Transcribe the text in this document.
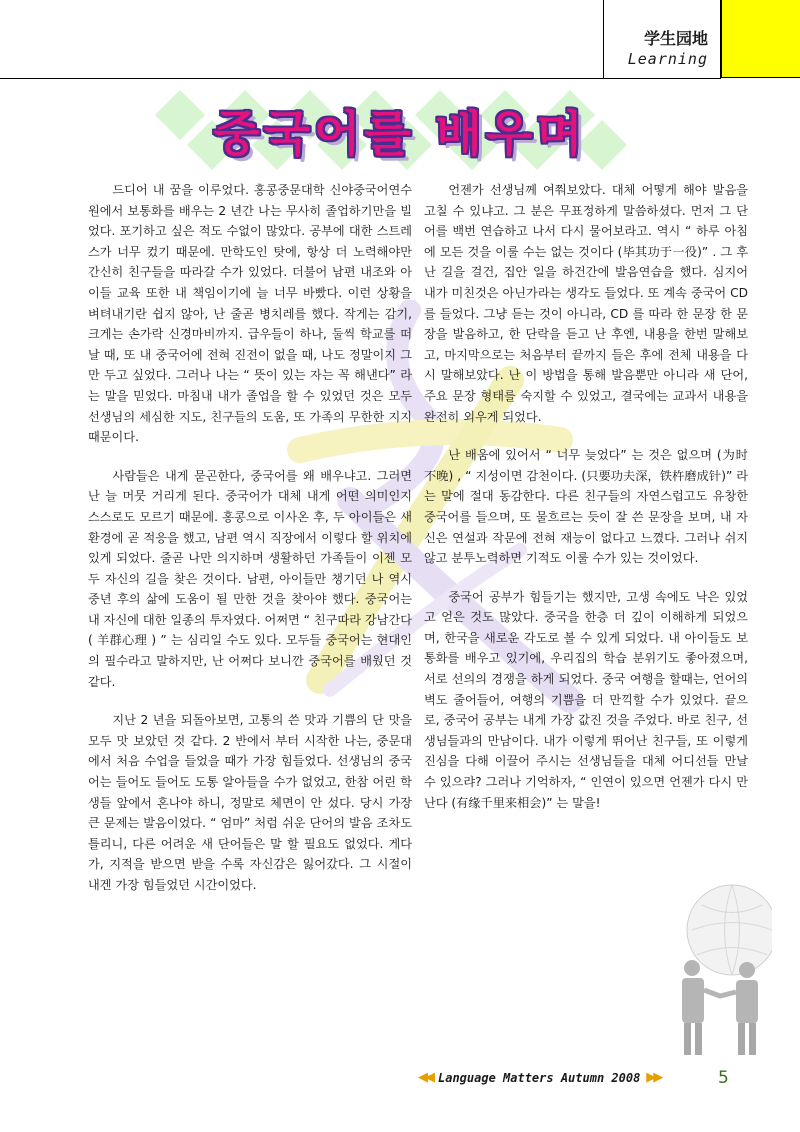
学生园地
Learning
중국어를 배우며

드디어 내 꿈을 이루었다. 홍콩중문대학 신야중국어연수원에서 보통화를 배우는 2 년간 나는 무사히 졸업하기만을 빌었다. 포기하고 싶은 적도 수없이 많았다. 공부에 대한 스트레스가 너무 컸기 때문에. 만학도인 탓에, 항상 더 노력해야만 간신히 친구들을 따라갈 수가 있었다. 더불어 남편 내조와 아이들 교육 또한 내 책임이기에 늘 너무 바빴다. 이런 상황을 벼텨내기란 쉽지 않아, 난 줄곧 병치레를 했다. 작게는 감기, 크게는 손가락 신경마비까지. 급우들이 하나, 둘씩 학교를 떠날 때, 또 내 중국어에 전혀 진전이 없을 때, 나도 정말이지 그만 두고 싶었다. 그러나 나는 “ 뜻이 있는 자는 꼭 해낸다” 라는 말을 믿었다. 마침내 내가 졸업을 할 수 있었던 것은 모두 선생님의 세심한 지도, 친구들의 도움, 또 가족의 무한한 지지때문이다.

사람들은 내게 묻곤한다, 중국어를 왜 배우냐고. 그러면 난 늘 머뭇 거리게 된다. 중국어가 대체 내게 어떤 의미인지 스스로도 모르기 때문에. 홍콩으로 이사온 후, 두 아이들은 새 환경에 곧 적응을 했고, 남편 역시 직장에서 이렇다 할 위치에 있게 되었다. 줄곧 나만 의지하며 생활하던 가족들이 이젠 모두 자신의 길을 찾은 것이다. 남편, 아이들만 챙기던 나 역시 중년 후의 삶에 도움이 될 만한 것을 찾아야 했다. 중국어는 내 자신에 대한 일종의 투자였다. 어쩌면 “ 친구따라 강남간다 ( 羊群心理 ) ” 는 심리일 수도 있다. 모두들 중국어는 현대인의 필수라고 말하지만, 난 어쩌다 보니깐 중국어를 배웠던 것 같다.

지난 2 년을 되돌아보면, 고통의 쓴 맛과 기쁨의 단 맛을 모두 맛 보았던 것 같다. 2 반에서 부터 시작한 나는, 중문대에서 처음 수업을 들었을 때가 가장 힘들었다. 선생님의 중국어는 들어도 들어도 도통 알아들을 수가 없었고, 한참 어린 학생들 앞에서 혼나야 하니, 정말로 체면이 안 섰다. 당시 가장 큰 문제는 발음이었다. “ 엄마” 처럼 쉬운 단어의 발음 조차도 틀리니, 다른 어려운 새 단어들은 말 할 필요도 없었다. 게다가, 지적을 받으면 받을 수록 자신감은 잃어갔다. 그 시절이 내겐 가장 힘들었던 시간이었다.

언젠가 선생님께 여쭤보았다. 대체 어떻게 해야 발음을 고칠 수 있냐고. 그 분은 무표정하게 말씀하셨다. 먼저 그 단어를 백번 연습하고 나서 다시 물어보라고. 역시 “ 하루 아침에 모든 것을 이룰 수는 없는 것이다 (毕其功于一役)” . 그 후 난 길을 걸건, 집안 일을 하건간에 발음연습을 했다. 심지어 내가 미친것은 아닌가라는 생각도 들었다. 또 계속 중국어 CD 를 들었다. 그냥 듣는 것이 아니라, CD 를 따라 한 문장 한 문장을 발음하고, 한 단락을 듣고 난 후엔, 내용을 한번 말해보고, 마지막으로는 처음부터 끝까지 들은 후에 전체 내용을 다시 말해보았다. 난 이 방법을 통해 발음뿐만 아니라 새 단어, 주요 문장 형태를 숙지할 수 있었고, 결국에는 교과서 내용을 완전히 외우게 되었다.

난 배움에 있어서 “ 너무 늦었다” 는 것은 없으며 (为时不晚) , “ 지성이면 감천이다. (只要功夫深，铁杵磨成针)” 라는 말에 절대 동감한다. 다른 친구들의 자연스럽고도 유창한 중국어를 들으며, 또 물흐르는 듯이 잘 쓴 문장을 보며, 내 자신은 연설과 작문에 전혀 재능이 없다고 느꼈다. 그러나 쉬지않고 분투노력하면 기적도 이룰 수가 있는 것이었다.

중국어 공부가 힘들기는 했지만, 고생 속에도 낙은 있었고 얻은 것도 많았다. 중국을 한층 더 깊이 이해하게 되었으며, 한국을 새로운 각도로 볼 수 있게 되었다. 내 아이들도 보통화를 배우고 있기에, 우리집의 학습 분위기도 좋아졌으며, 서로 선의의 경쟁을 하게 되었다. 중국 여행을 할때는, 언어의 벽도 줄어들어, 여행의 기쁨을 더 만끽할 수가 있었다. 끝으로, 중국어 공부는 내게 가장 값진 것을 주었다. 바로 친구, 선생님들과의 만남이다. 내가 이렇게 뛰어난 친구들, 또 이렇게 진심을 다해 이끌어 주시는 선생님들을 대체 어디선들 만날 수 있으랴? 그러나 기억하자, “ 인연이 있으면 언젠가 다시 만난다 (有缘千里来相会)” 는 말을!

◀◀ Language Matters Autumn 2008 ▶▶	5
